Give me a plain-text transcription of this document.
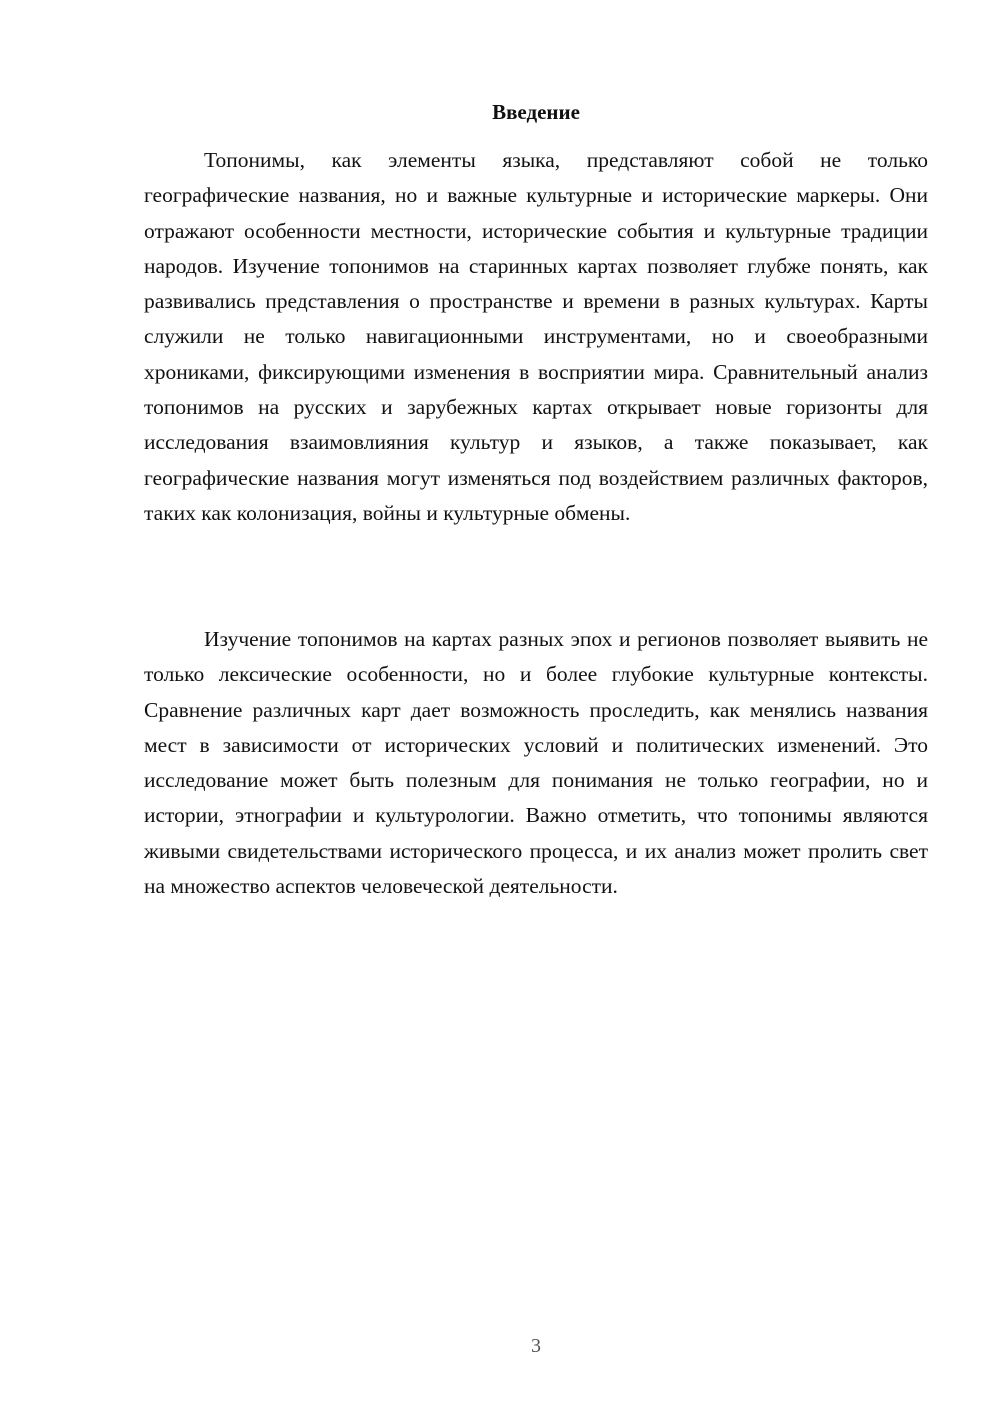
Введение

Топонимы, как элементы языка, представляют собой не только географические названия, но и важные культурные и исторические маркеры. Они отражают особенности местности, исторические события и культурные традиции народов. Изучение топонимов на старинных картах позволяет глубже понять, как развивались представления о пространстве и времени в разных культурах. Карты служили не только навигационными инструментами, но и своеобразными хрониками, фиксирующими изменения в восприятии мира. Сравнительный анализ топонимов на русских и зарубежных картах открывает новые горизонты для исследования взаимовлияния культур и языков, а также показывает, как географические названия могут изменяться под воздействием различных факторов, таких как колонизация, войны и культурные обмены.

Изучение топонимов на картах разных эпох и регионов позволяет выявить не только лексические особенности, но и более глубокие культурные контексты. Сравнение различных карт дает возможность проследить, как менялись названия мест в зависимости от исторических условий и политических изменений. Это исследование может быть полезным для понимания не только географии, но и истории, этнографии и культурологии. Важно отметить, что топонимы являются живыми свидетельствами исторического процесса, и их анализ может пролить свет на множество аспектов человеческой деятельности.

3
